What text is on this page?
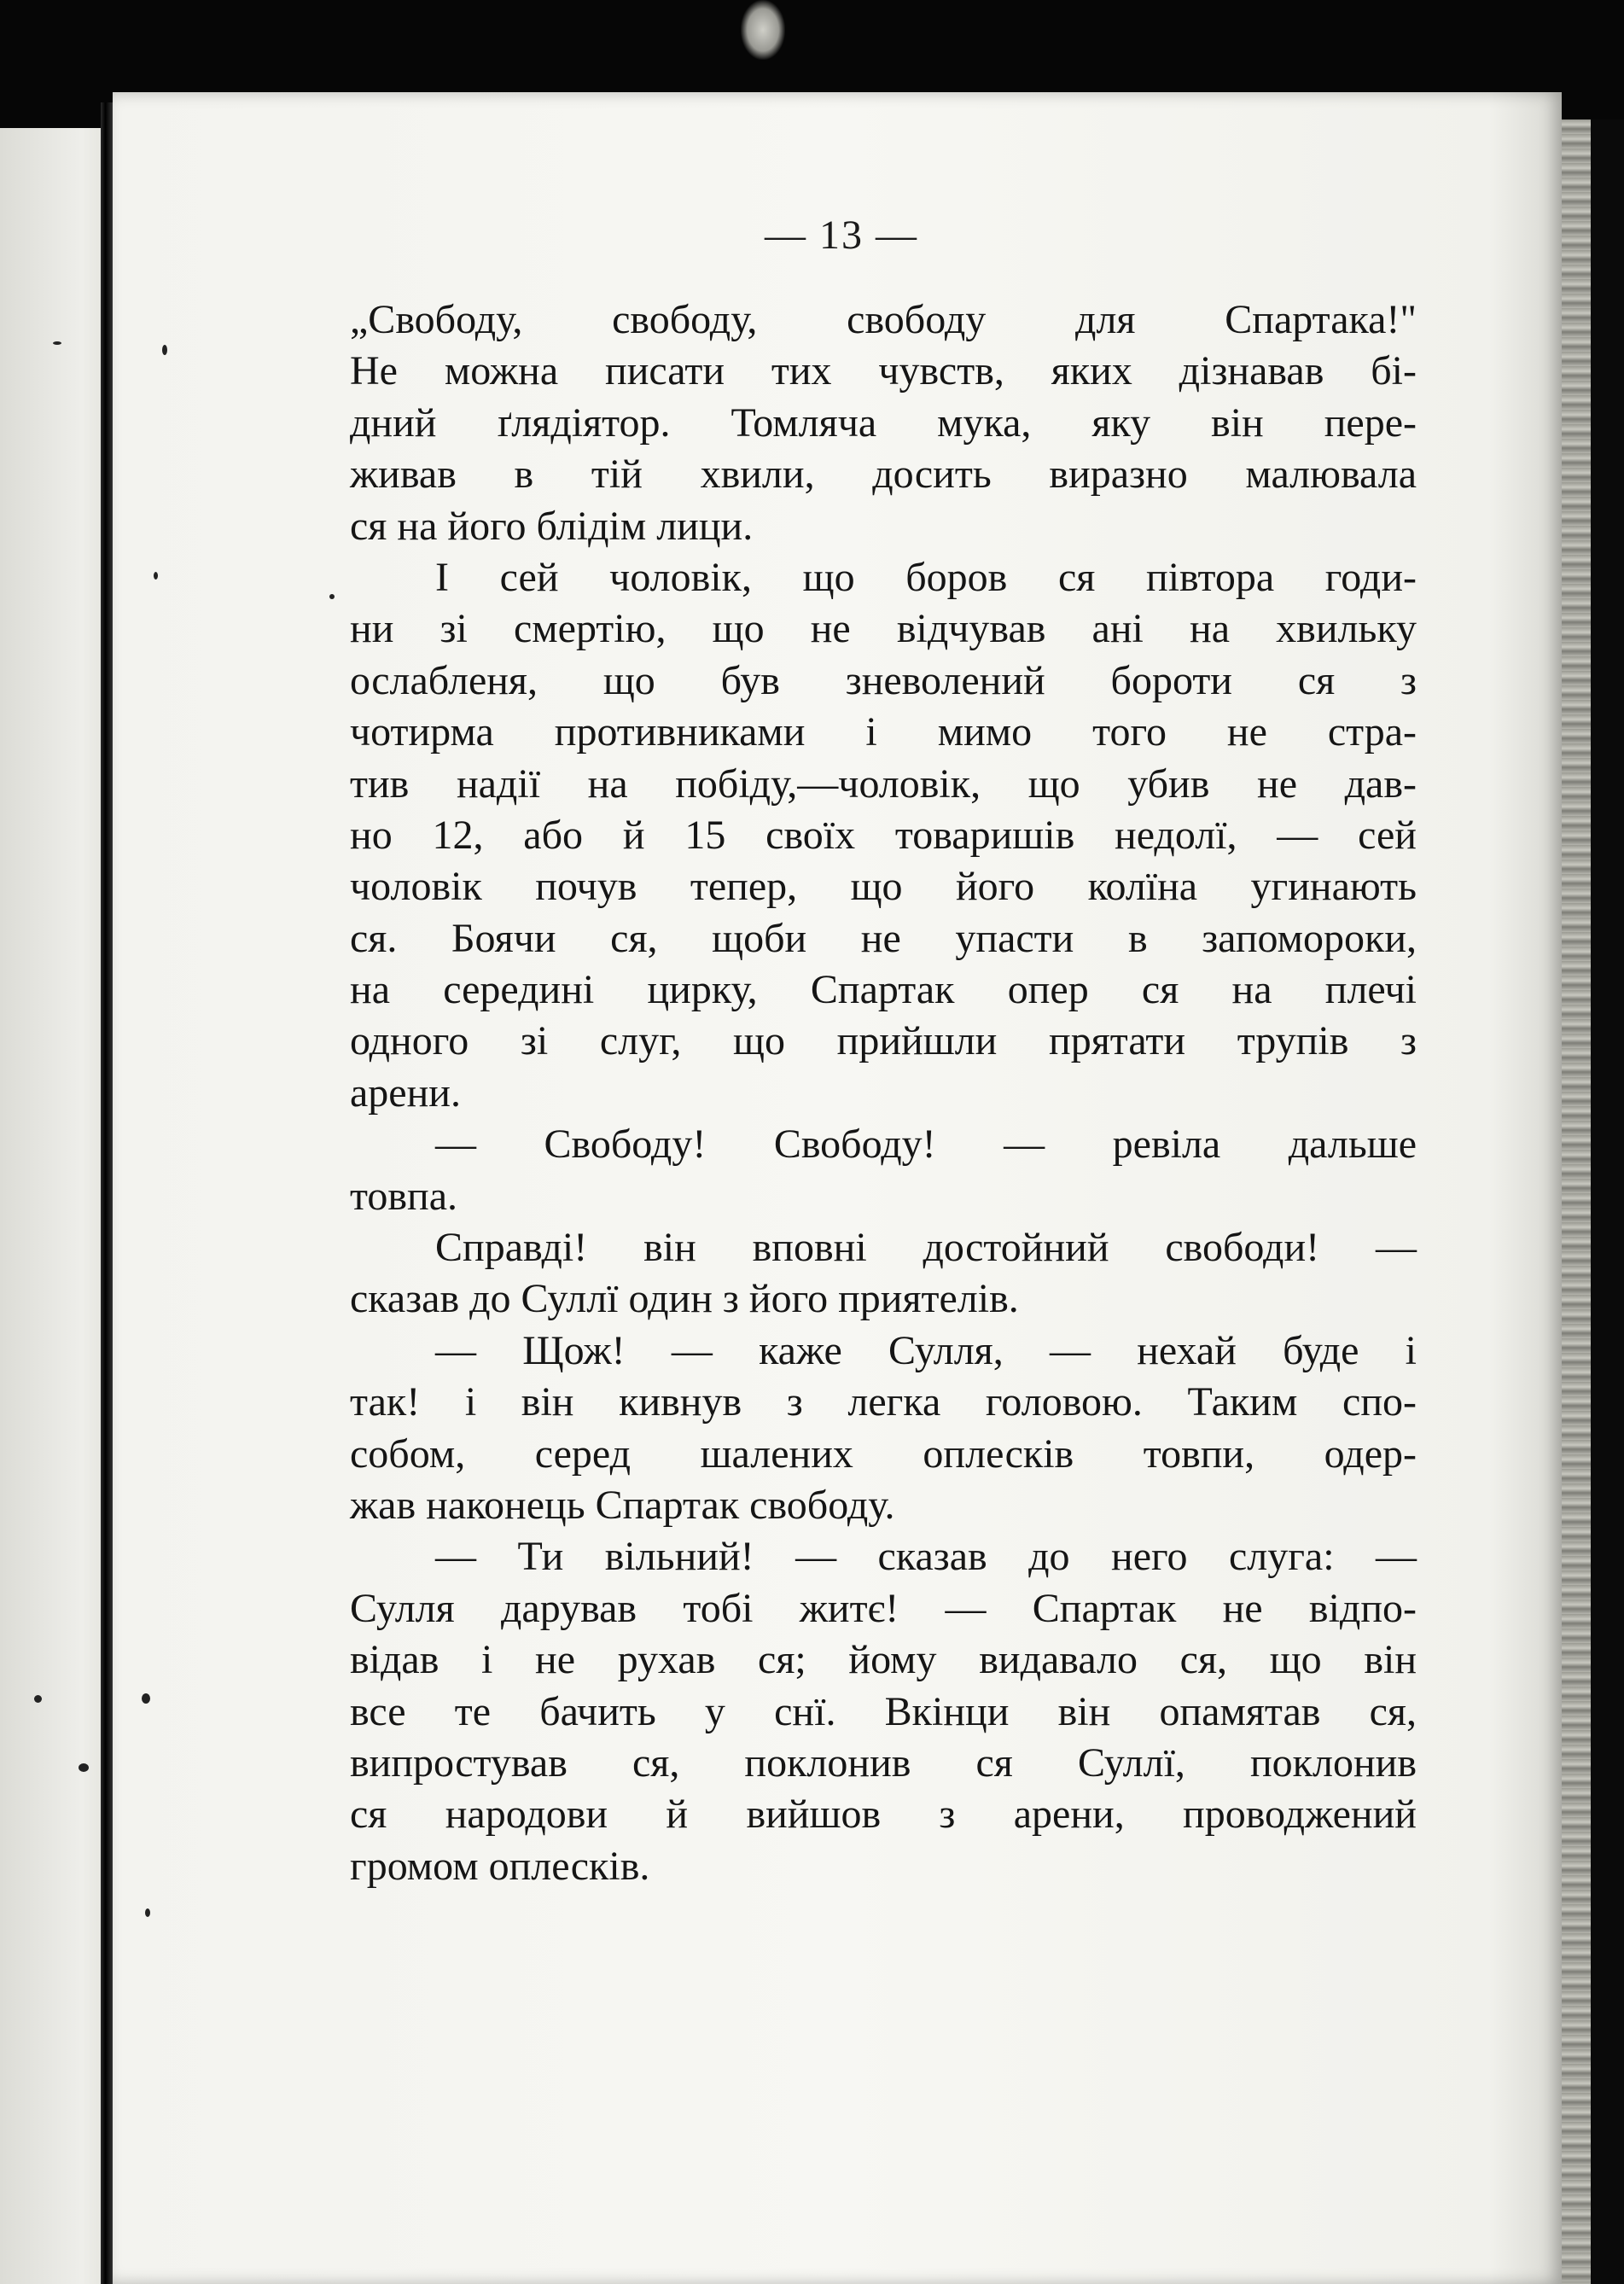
— 13 —
„Свободу, свободу, свободу для Спартака!"
Не можна писати тих чувств, яких дізнавав бі-
дний ґлядіятор. Томляча мука, яку він пере-
живав в тій хвили, досить виразно малювала
ся на його блідім лици.
І сей чоловік, що боров ся півтора годи-
ни зі смертію, що не відчував ані на хвильку
ослабленя, що був зневолений бороти ся з
чотирма противниками і мимо того не стра-
тив надії на побіду,—чоловік, що убив не дав-
но 12, або й 15 своїх товаришів недолї, — сей
чоловік почув тепер, що його колїна угинають
ся. Боячи ся, щоби не упасти в запомороки,
на середині цирку, Спартак опер ся на плечі
одного зі слуг, що прийшли прятати трупів з
арени.
— Свободу! Свободу! — ревіла дальше
товпа.
Справді! він вповні достойний свободи! —
сказав до Суллї один з його приятелів.
— Щож! — каже Сулля, — нехай буде і
так! і він кивнув з легка головою. Таким спо-
собом, серед шалених оплесків товпи, одер-
жав наконець Спартак свободу.
— Ти вільний! — сказав до него слуга: —
Сулля дарував тобі житє! — Спартак не відпо-
відав і не рухав ся; йому видавало ся, що він
все те бачить у снї. Вкінци він опамятав ся,
випростував ся, поклонив ся Суллї, поклонив
ся народови й вийшов з арени, проводжений
громом оплесків.
